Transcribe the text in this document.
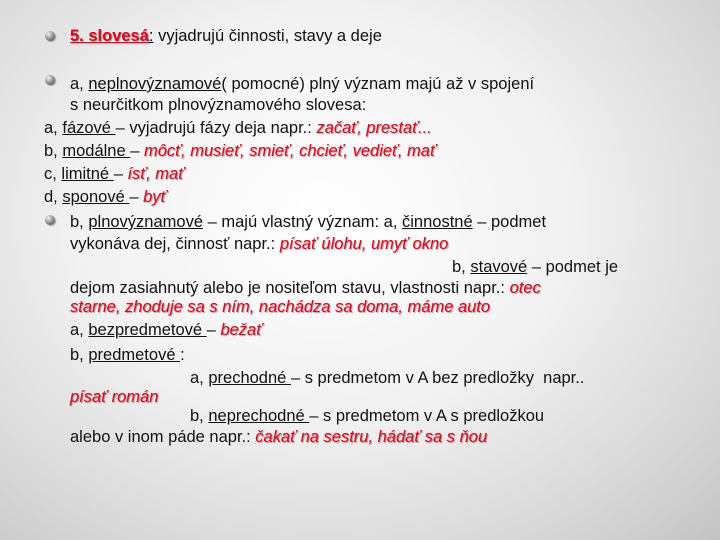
5. slovesá: vyjadrujú činnosti, stavy a deje
a, neplnovýznamové( pomocné) plný význam majú až v spojení
s neurčitkom plnovýznamového slovesa:
a, fázové – vyjadrujú fázy deja napr.: začať, prestať...
b, modálne – môcť, musieť, smieť, chcieť, vedieť, mať
c, limitné – ísť, mať
d, sponové – byť
b, plnovýznamové – majú vlastný význam: a, činnostné – podmet
vykonáva dej, činnosť napr.: písať úlohu, umyť okno
b, stavové – podmet je
dejom zasiahnutý alebo je nositeľom stavu, vlastnosti napr.: otec
starne, zhoduje sa s ním, nachádza sa doma, máme auto
a, bezpredmetové – bežať
b, predmetové :
a, prechodné – s predmetom v A bez predložky  napr..
písať román
b, neprechodné – s predmetom v A s predložkou
alebo v inom páde napr.: čakať na sestru, hádať sa s ňou
